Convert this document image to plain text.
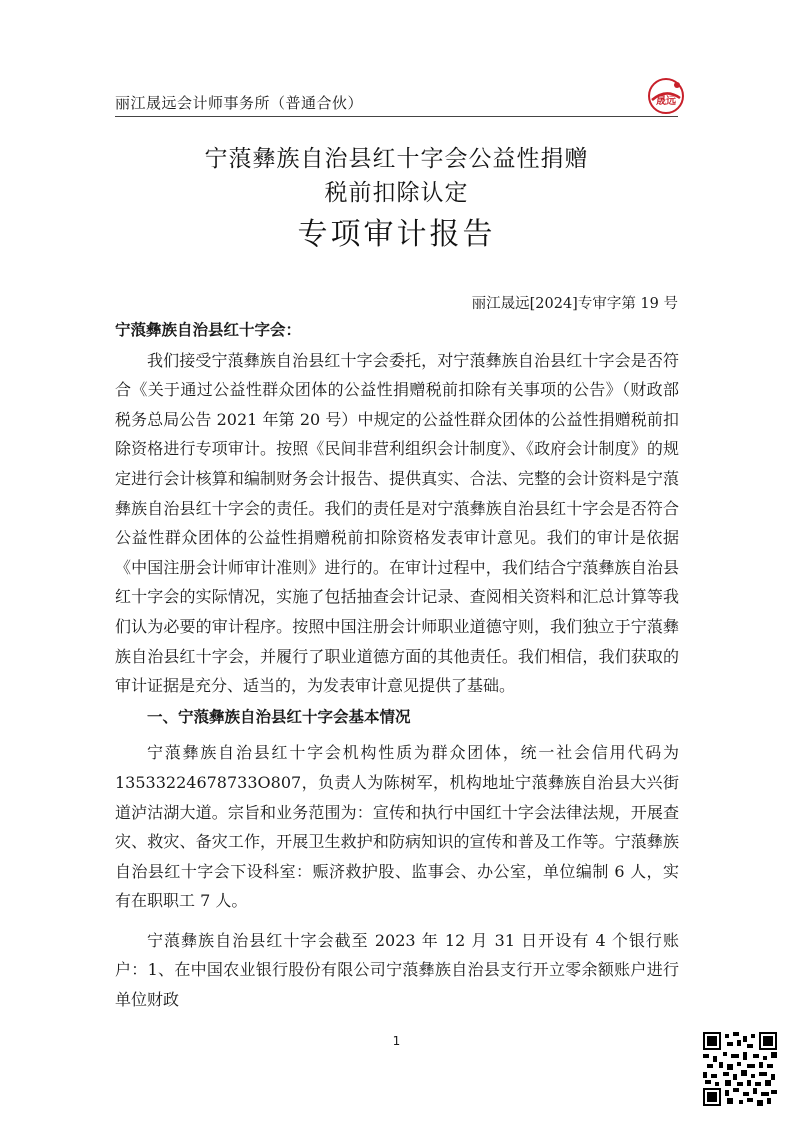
丽江晟远会计师事务所（普通合伙）	晟远
宁蒗彝族自治县红十字会公益性捐赠
税前扣除认定
专项审计报告
丽江晟远[2024]专审字第 19 号
宁蒗彝族自治县红十字会：

我们接受宁蒗彝族自治县红十字会委托，对宁蒗彝族自治县红十字会是否符合《关于通过公益性群众团体的公益性捐赠税前扣除有关事项的公告》（财政部 税务总局公告 2021 年第 20 号）中规定的公益性群众团体的公益性捐赠税前扣除资格进行专项审计。按照《民间非营利组织会计制度》、《政府会计制度》的规定进行会计核算和编制财务会计报告、提供真实、合法、完整的会计资料是宁蒗彝族自治县红十字会的责任。我们的责任是对宁蒗彝族自治县红十字会是否符合公益性群众团体的公益性捐赠税前扣除资格发表审计意见。我们的审计是依据《中国注册会计师审计准则》进行的。在审计过程中，我们结合宁蒗彝族自治县红十字会的实际情况，实施了包括抽查会计记录、查阅相关资料和汇总计算等我们认为必要的审计程序。按照中国注册会计师职业道德守则，我们独立于宁蒗彝族自治县红十字会，并履行了职业道德方面的其他责任。我们相信，我们获取的审计证据是充分、适当的，为发表审计意见提供了基础。

一、宁蒗彝族自治县红十字会基本情况

宁蒗彝族自治县红十字会机构性质为群众团体，统一社会信用代码为13533224678733O807，负责人为陈树军，机构地址宁蒗彝族自治县大兴街道泸沽湖大道。宗旨和业务范围为：宣传和执行中国红十字会法律法规，开展查灾、救灾、备灾工作，开展卫生救护和防病知识的宣传和普及工作等。宁蒗彝族自治县红十字会下设科室：赈济救护股、监事会、办公室，单位编制 6 人，实有在职职工 7 人。

宁蒗彝族自治县红十字会截至 2023 年 12 月 31 日开设有 4 个银行账户：1、在中国农业银行股份有限公司宁蒗彝族自治县支行开立零余额账户进行单位财政

1
